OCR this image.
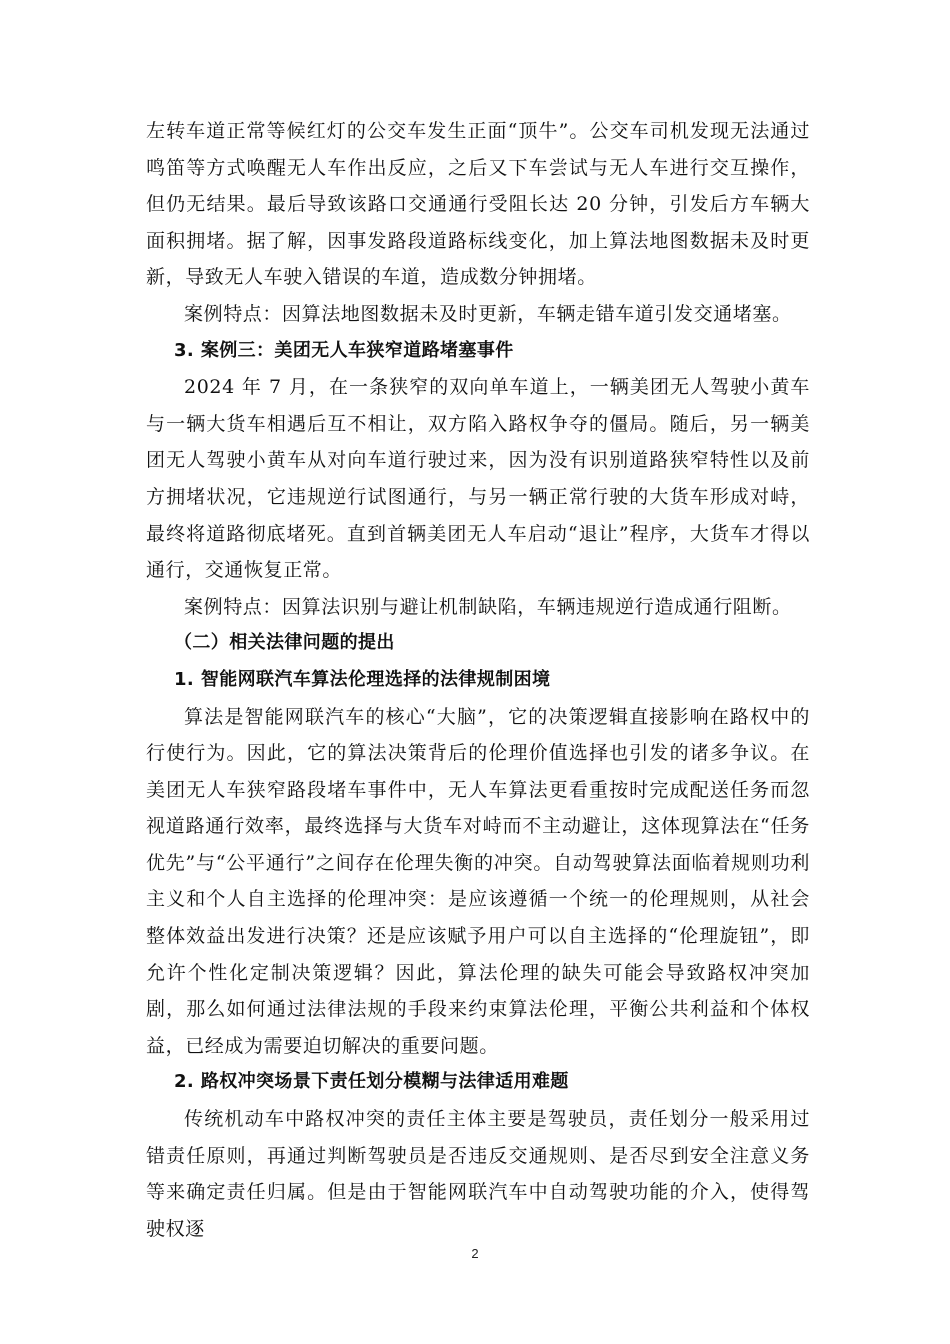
左转车道正常等候红灯的公交车发生正面“顶牛”。公交车司机发现无法通过鸣笛等方式唤醒无人车作出反应，之后又下车尝试与无人车进行交互操作，但仍无结果。最后导致该路口交通通行受阻长达 20 分钟，引发后方车辆大面积拥堵。据了解，因事发路段道路标线变化，加上算法地图数据未及时更新，导致无人车驶入错误的车道，造成数分钟拥堵。

案例特点：因算法地图数据未及时更新，车辆走错车道引发交通堵塞。

3. 案例三：美团无人车狭窄道路堵塞事件

2024 年 7 月，在一条狭窄的双向单车道上，一辆美团无人驾驶小黄车与一辆大货车相遇后互不相让，双方陷入路权争夺的僵局。随后，另一辆美团无人驾驶小黄车从对向车道行驶过来，因为没有识别道路狭窄特性以及前方拥堵状况，它违规逆行试图通行，与另一辆正常行驶的大货车形成对峙，最终将道路彻底堵死。直到首辆美团无人车启动“退让”程序，大货车才得以通行，交通恢复正常。

案例特点：因算法识别与避让机制缺陷，车辆违规逆行造成通行阻断。

（二）相关法律问题的提出

1. 智能网联汽车算法伦理选择的法律规制困境

算法是智能网联汽车的核心“大脑”，它的决策逻辑直接影响在路权中的行使行为。因此，它的算法决策背后的伦理价值选择也引发的诸多争议。在美团无人车狭窄路段堵车事件中，无人车算法更看重按时完成配送任务而忽视道路通行效率，最终选择与大货车对峙而不主动避让，这体现算法在“任务优先”与“公平通行”之间存在伦理失衡的冲突。自动驾驶算法面临着规则功利主义和个人自主选择的伦理冲突：是应该遵循一个统一的伦理规则，从社会整体效益出发进行决策？还是应该赋予用户可以自主选择的“伦理旋钮”，即允许个性化定制决策逻辑？因此，算法伦理的缺失可能会导致路权冲突加剧，那么如何通过法律法规的手段来约束算法伦理，平衡公共利益和个体权益，已经成为需要迫切解决的重要问题。

2. 路权冲突场景下责任划分模糊与法律适用难题

传统机动车中路权冲突的责任主体主要是驾驶员，责任划分一般采用过错责任原则，再通过判断驾驶员是否违反交通规则、是否尽到安全注意义务等来确定责任归属。但是由于智能网联汽车中自动驾驶功能的介入，使得驾驶权逐

2
